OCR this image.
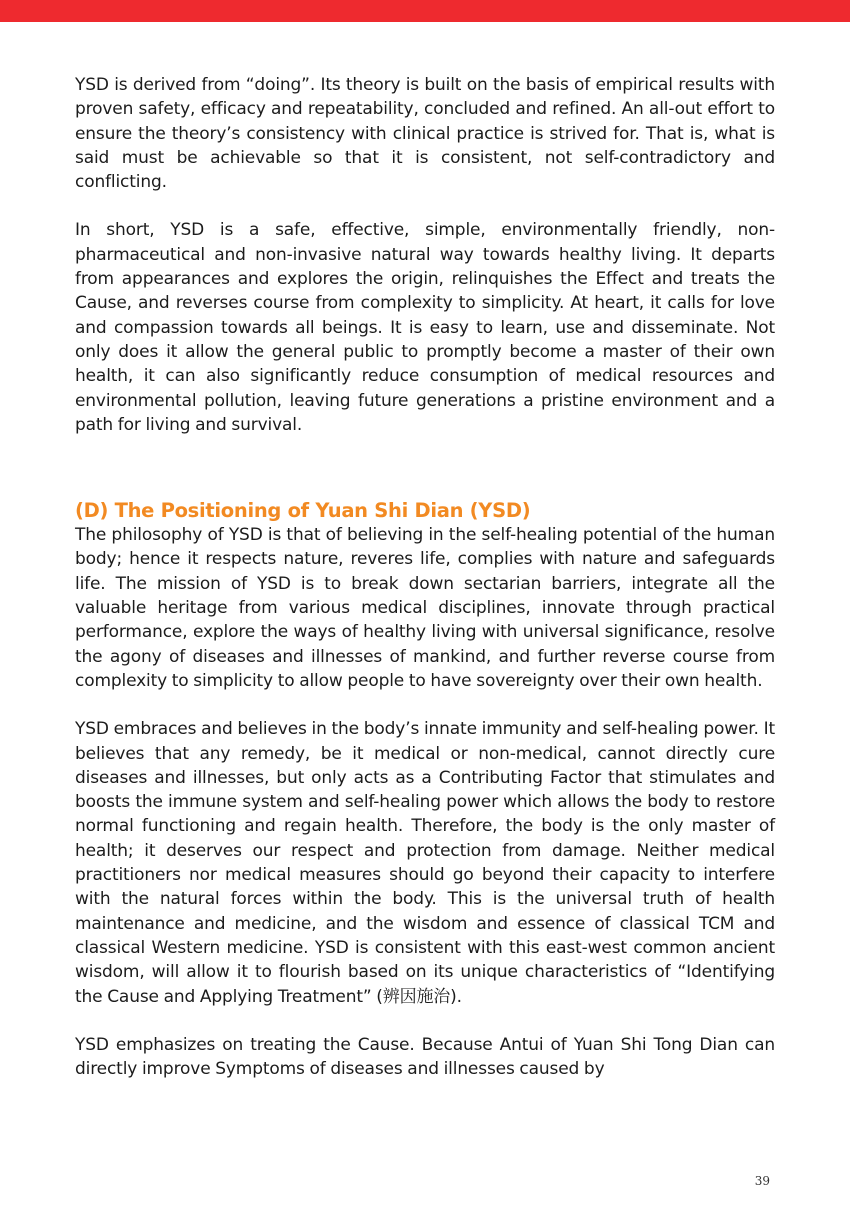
YSD is derived from “doing”. Its theory is built on the basis of empirical results with proven safety, efficacy and repeatability, concluded and refined. An all-out effort to ensure the theory’s consistency with clinical practice is strived for. That is, what is said must be achievable so that it is consistent, not self-contradictory and conflicting.

In short, YSD is a safe, effective, simple, environmentally friendly, non-pharmaceutical and non-invasive natural way towards healthy living. It departs from appearances and explores the origin, relinquishes the Effect and treats the Cause, and reverses course from complexity to simplicity. At heart, it calls for love and compassion towards all beings. It is easy to learn, use and disseminate. Not only does it allow the general public to promptly become a master of their own health, it can also significantly reduce consumption of medical resources and environmental pollution, leaving future generations a pristine environment and a path for living and survival.

(D) The Positioning of Yuan Shi Dian (YSD)

The philosophy of YSD is that of believing in the self-healing potential of the human body; hence it respects nature, reveres life, complies with nature and safeguards life. The mission of YSD is to break down sectarian barriers, integrate all the valuable heritage from various medical disciplines, innovate through practical performance, explore the ways of healthy living with universal significance, resolve the agony of diseases and illnesses of mankind, and further reverse course from complexity to simplicity to allow people to have sovereignty over their own health.

YSD embraces and believes in the body’s innate immunity and self-healing power. It believes that any remedy, be it medical or non-medical, cannot directly cure diseases and illnesses, but only acts as a Contributing Factor that stimulates and boosts the immune system and self-healing power which allows the body to restore normal functioning and regain health. Therefore, the body is the only master of health; it deserves our respect and protection from damage. Neither medical practitioners nor medical measures should go beyond their capacity to interfere with the natural forces within the body. This is the universal truth of health maintenance and medicine, and the wisdom and essence of classical TCM and classical Western medicine. YSD is consistent with this east-west common ancient wisdom, will allow it to flourish based on its unique characteristics of “Identifying the Cause and Applying Treatment” (辨因施治).

YSD emphasizes on treating the Cause. Because Antui of Yuan Shi Tong Dian can directly improve Symptoms of diseases and illnesses caused by

39
